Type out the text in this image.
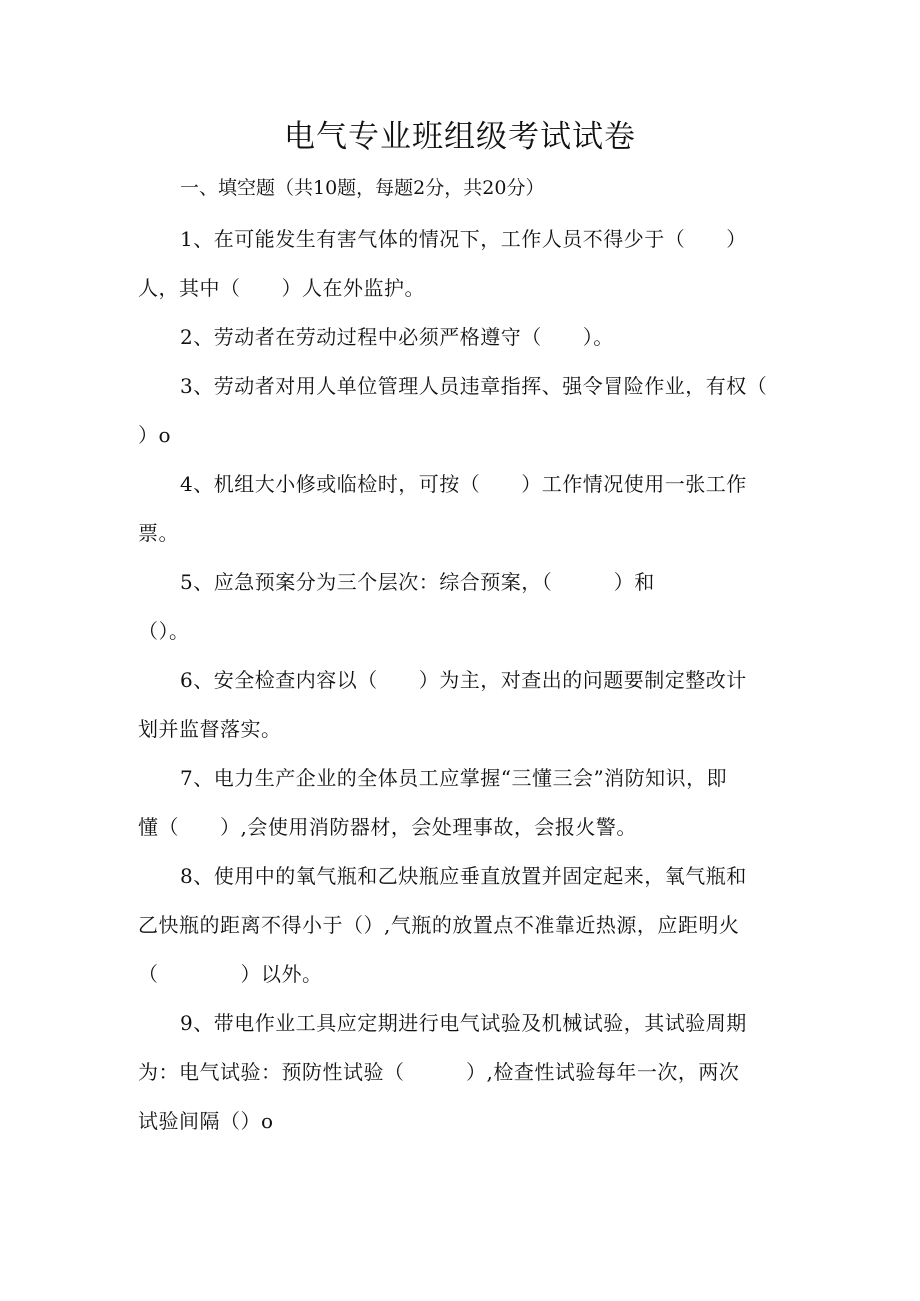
电气专业班组级考试试卷

一、填空题（共10题，每题2分，共20分）

1、在可能发生有害气体的情况下，工作人员不得少于（　　）
人，其中（　　）人在外监护。

2、劳动者在劳动过程中必须严格遵守（　　）。

3、劳动者对用人单位管理人员违章指挥、强令冒险作业，有权（
）o

4、机组大小修或临检时，可按（　　）工作情况使用一张工作
票。

5、应急预案分为三个层次：综合预案，（　　　）和
（）。

6、安全检查内容以（　　）为主，对查出的问题要制定整改计
划并监督落实。

7、电力生产企业的全体员工应掌握“三懂三会”消防知识，即
懂（　　）,会使用消防器材，会处理事故，会报火警。

8、使用中的氧气瓶和乙炔瓶应垂直放置并固定起来，氧气瓶和
乙快瓶的距离不得小于（）,气瓶的放置点不准靠近热源，应距明火
（　　　　）以外。

9、带电作业工具应定期进行电气试验及机械试验，其试验周期
为：电气试验：预防性试验（　　　）,检查性试验每年一次，两次
试验间隔（）o
